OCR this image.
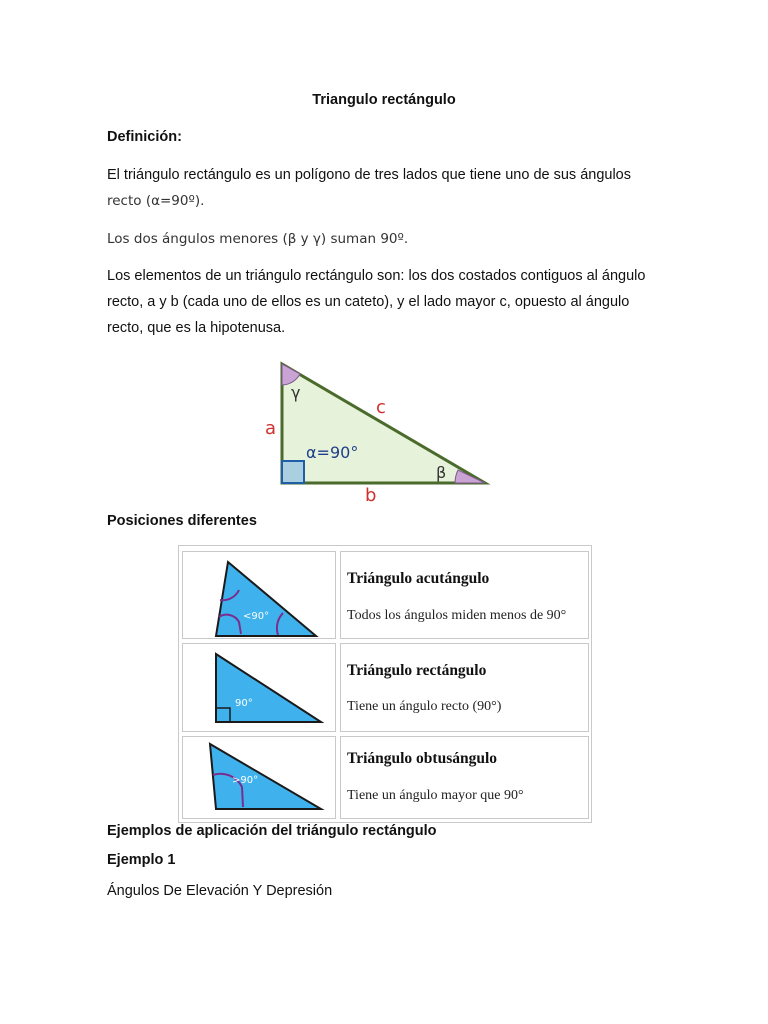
Triangulo rectángulo
Definición:
El triángulo rectángulo es un polígono de tres lados que tiene uno de sus ángulos
recto (α=90º).
Los dos ángulos menores (β y γ) suman 90º.
Los elementos de un triángulo rectángulo son: los dos costados contiguos al ángulo
recto, a y b (cada uno de ellos es un cateto), y el lado mayor c, opuesto al ángulo
recto, que es la hipotenusa.
a
b
c
γ
β
α=90°
Posiciones diferentes
<90°
Triángulo acutángulo
Todos los ángulos miden menos de 90°
90°
Triángulo rectángulo
Tiene un ángulo recto (90°)
>90°
Triángulo obtusángulo
Tiene un ángulo mayor que 90°
Ejemplos de aplicación del triángulo rectángulo
Ejemplo 1
Ángulos De Elevación Y Depresión
